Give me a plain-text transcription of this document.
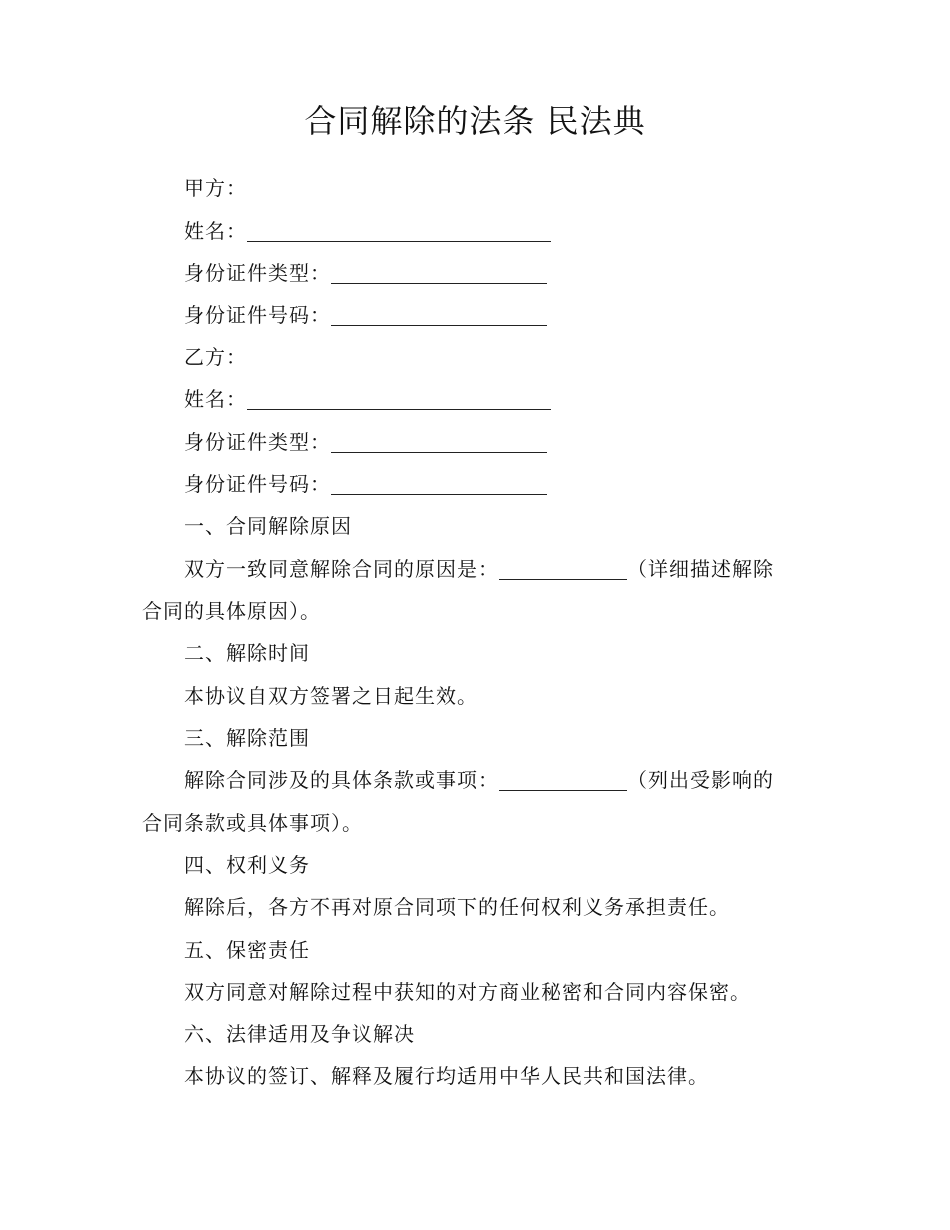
合同解除的法条 民法典
甲方：
姓名：
身份证件类型：
身份证件号码：
乙方：
姓名：
身份证件类型：
身份证件号码：
一、合同解除原因
双方一致同意解除合同的原因是：	（详细描述解除
合同的具体原因）。
二、解除时间
本协议自双方签署之日起生效。
三、解除范围
解除合同涉及的具体条款或事项：	（列出受影响的
合同条款或具体事项）。
四、权利义务
解除后，各方不再对原合同项下的任何权利义务承担责任。
五、保密责任
双方同意对解除过程中获知的对方商业秘密和合同内容保密。
六、法律适用及争议解决
本协议的签订、解释及履行均适用中华人民共和国法律。
